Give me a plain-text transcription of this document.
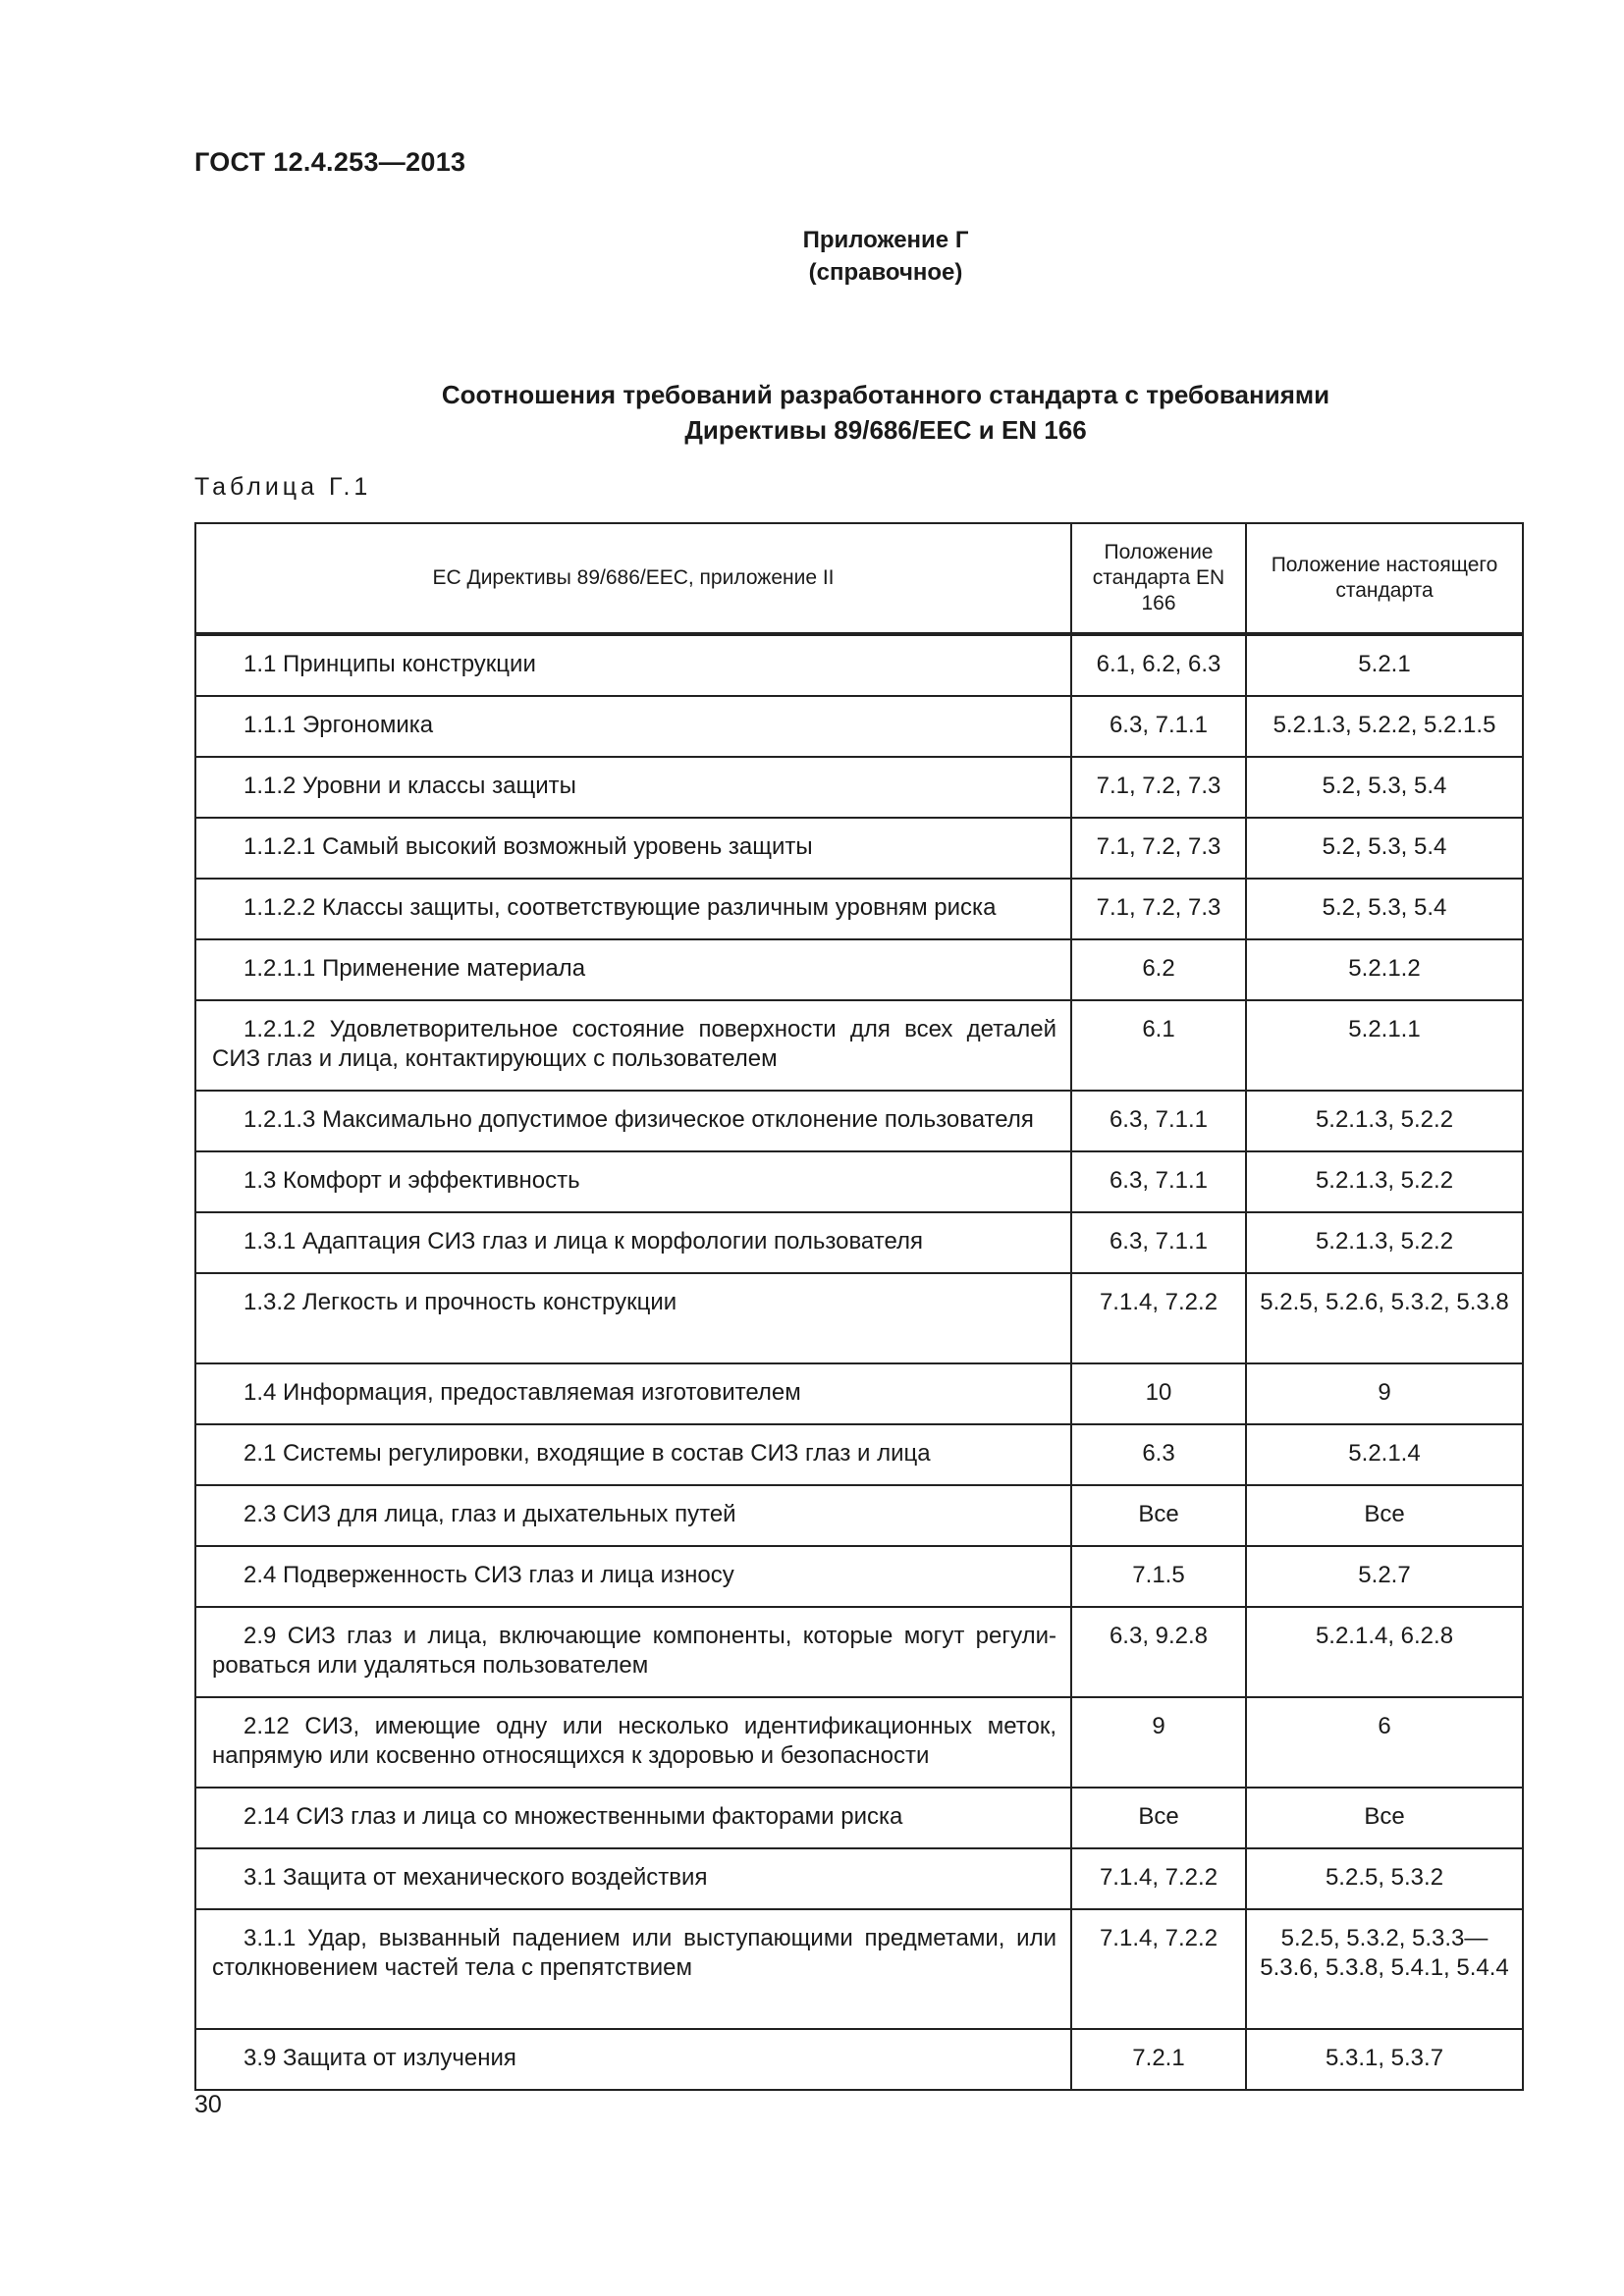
ГОСТ 12.4.253—2013
Приложение Г
(справочное)
Соотношения требований разработанного стандарта с требованиями
Директивы 89/686/ЕЕС и EN 166
Таблица Г.1
ЕС Директивы 89/686/ЕЕС, приложение II	Положение стандарта EN 166	Положение настоящего стандарта
1.1 Принципы конструкции	6.1, 6.2, 6.3	5.2.1
1.1.1 Эргономика	6.3, 7.1.1	5.2.1.3, 5.2.2, 5.2.1.5
1.1.2 Уровни и классы защиты	7.1, 7.2, 7.3	5.2, 5.3, 5.4
1.1.2.1 Самый высокий возможный уровень защиты	7.1, 7.2, 7.3	5.2, 5.3, 5.4
1.1.2.2 Классы защиты, соответствующие различным уровням риска	7.1, 7.2, 7.3	5.2, 5.3, 5.4
1.2.1.1 Применение материала	6.2	5.2.1.2
1.2.1.2 Удовлетворительное состояние поверхности для всех деталей СИЗ глаз и лица, контактирующих с пользователем	6.1	5.2.1.1
1.2.1.3 Максимально допустимое физическое отклонение пользователя	6.3, 7.1.1	5.2.1.3, 5.2.2
1.3 Комфорт и эффективность	6.3, 7.1.1	5.2.1.3, 5.2.2
1.3.1 Адаптация СИЗ глаз и лица к морфологии пользователя	6.3, 7.1.1	5.2.1.3, 5.2.2
1.3.2 Легкость и прочность конструкции	7.1.4, 7.2.2	5.2.5, 5.2.6, 5.3.2, 5.3.8
1.4 Информация, предоставляемая изготовителем	10	9
2.1 Системы регулировки, входящие в состав СИЗ глаз и лица	6.3	5.2.1.4
2.3 СИЗ для лица, глаз и дыхательных путей	Все	Все
2.4 Подверженность СИЗ глаз и лица износу	7.1.5	5.2.7
2.9 СИЗ глаз и лица, включающие компоненты, которые могут регули-роваться или удаляться пользователем	6.3, 9.2.8	5.2.1.4, 6.2.8
2.12 СИЗ, имеющие одну или несколько идентификационных меток, напрямую или косвенно относящихся к здоровью и безопасности	9	6
2.14 СИЗ глаз и лица со множественными факторами риска	Все	Все
3.1 Защита от механического воздействия	7.1.4, 7.2.2	5.2.5, 5.3.2
3.1.1 Удар, вызванный падением или выступающими предметами, или столкновением частей тела с препятствием	7.1.4, 7.2.2	5.2.5, 5.3.2, 5.3.3—5.3.6, 5.3.8, 5.4.1, 5.4.4
3.9 Защита от излучения	7.2.1	5.3.1, 5.3.7
30
